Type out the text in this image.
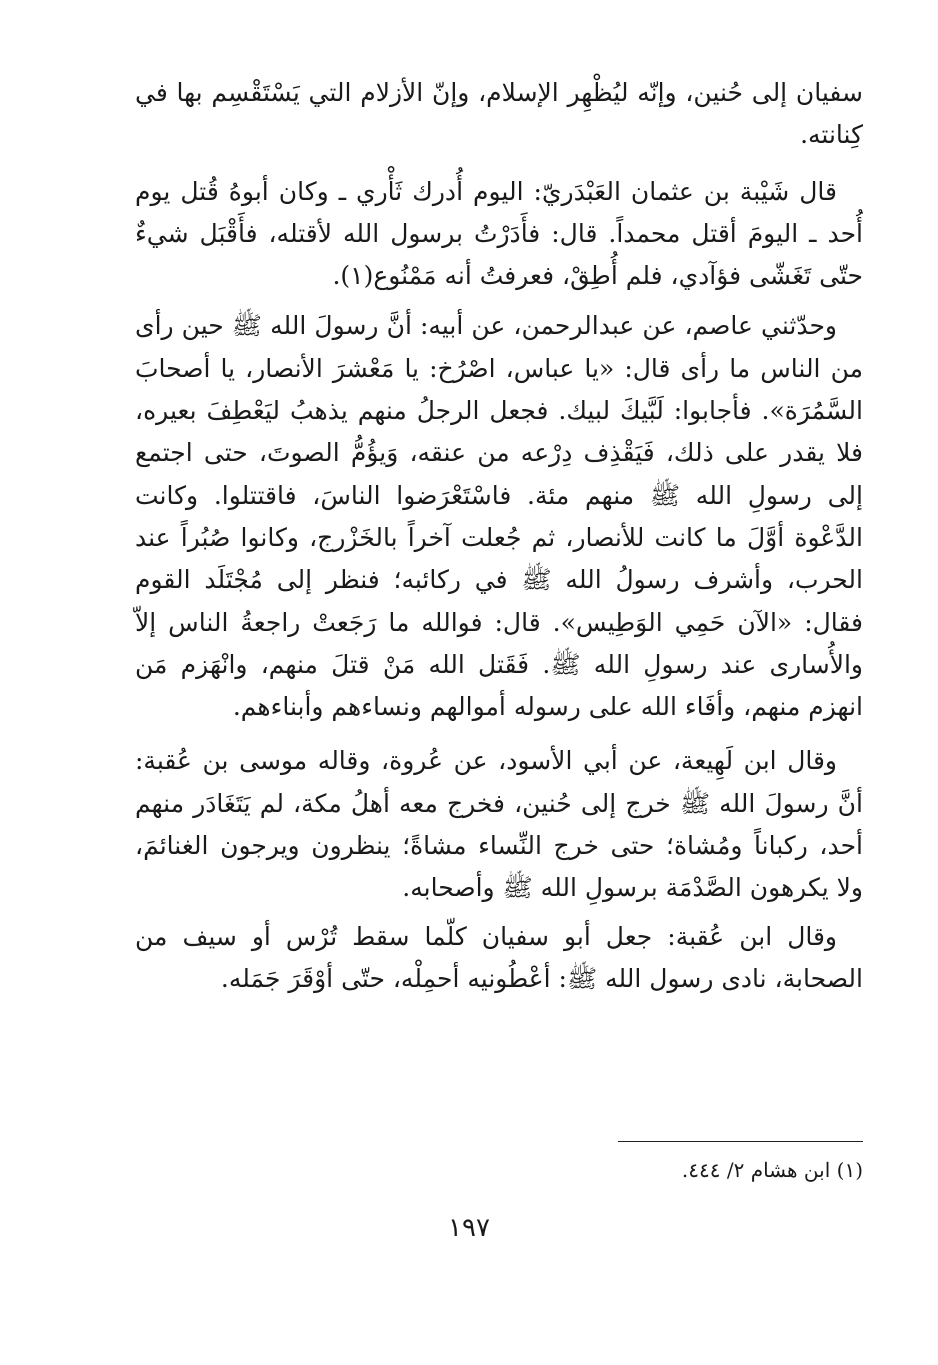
سفيان إلى حُنين، وإنّه ليُظْهِر الإسلام، وإنّ الأزلام التي يَسْتَقْسِم بها في كِنانته.

قال شَيْبة بن عثمان العَبْدَريّ: اليوم أُدرك ثَأْري ـ وكان أبوهُ قُتل يوم أُحد ـ اليومَ أقتل محمداً. قال: فأَدَرْتُ برسول الله لأقتله، فأَقْبَل شيءٌ حتّى تَغَشّى فؤآدي، فلم أُطِقْ، فعرفتُ أنه مَمْنُوع(١).

وحدّثني عاصم، عن عبدالرحمن، عن أبيه: أنَّ رسولَ الله ﷺ حين رأى من الناس ما رأى قال: «يا عباس، اصْرُخ: يا مَعْشرَ الأنصار، يا أصحابَ السَّمُرَة». فأجابوا: لَبَّيكَ لبيك. فجعل الرجلُ منهم يذهبُ ليَعْطِفَ بعيره، فلا يقدر على ذلك، فَيَقْذِف دِرْعه من عنقه، وَيؤُمُّ الصوتَ، حتى اجتمع إلى رسولِ الله ﷺ منهم مئة. فاسْتَعْرَضوا الناسَ، فاقتتلوا. وكانت الدَّعْوة أوَّلَ ما كانت للأنصار، ثم جُعلت آخراً بالخَزْرج، وكانوا صُبُراً عند الحرب، وأشرف رسولُ الله ﷺ في ركائبه؛ فنظر إلى مُجْتَلَد القوم فقال: «الآن حَمِي الوَطِيس». قال: فوالله ما رَجَعتْ راجعةُ الناس إلاّ والأُسارى عند رسولِ الله ﷺ. فَقَتل الله مَنْ قتلَ منهم، وانْهَزم مَن انهزم منهم، وأفَاء الله على رسوله أموالهم ونساءهم وأبناءهم.

وقال ابن لَهِيعة، عن أبي الأسود، عن عُروة، وقاله موسى بن عُقبة: أنَّ رسولَ الله ﷺ خرج إلى حُنين، فخرج معه أهلُ مكة، لم يَتَغَادَر منهم أحد، ركباناً ومُشاة؛ حتى خرج النِّساء مشاةً؛ ينظرون ويرجون الغنائمَ، ولا يكرهون الصَّدْمَة برسولِ الله ﷺ وأصحابه.

وقال ابن عُقبة: جعل أبو سفيان كلّما سقط تُرْس أو سيف من الصحابة، نادى رسول الله ﷺ: أعْطُونيه أحمِلْه، حتّى أوْقَرَ جَمَله.

(١) ابن هشام ٢/ ٤٤٤.
١٩٧
